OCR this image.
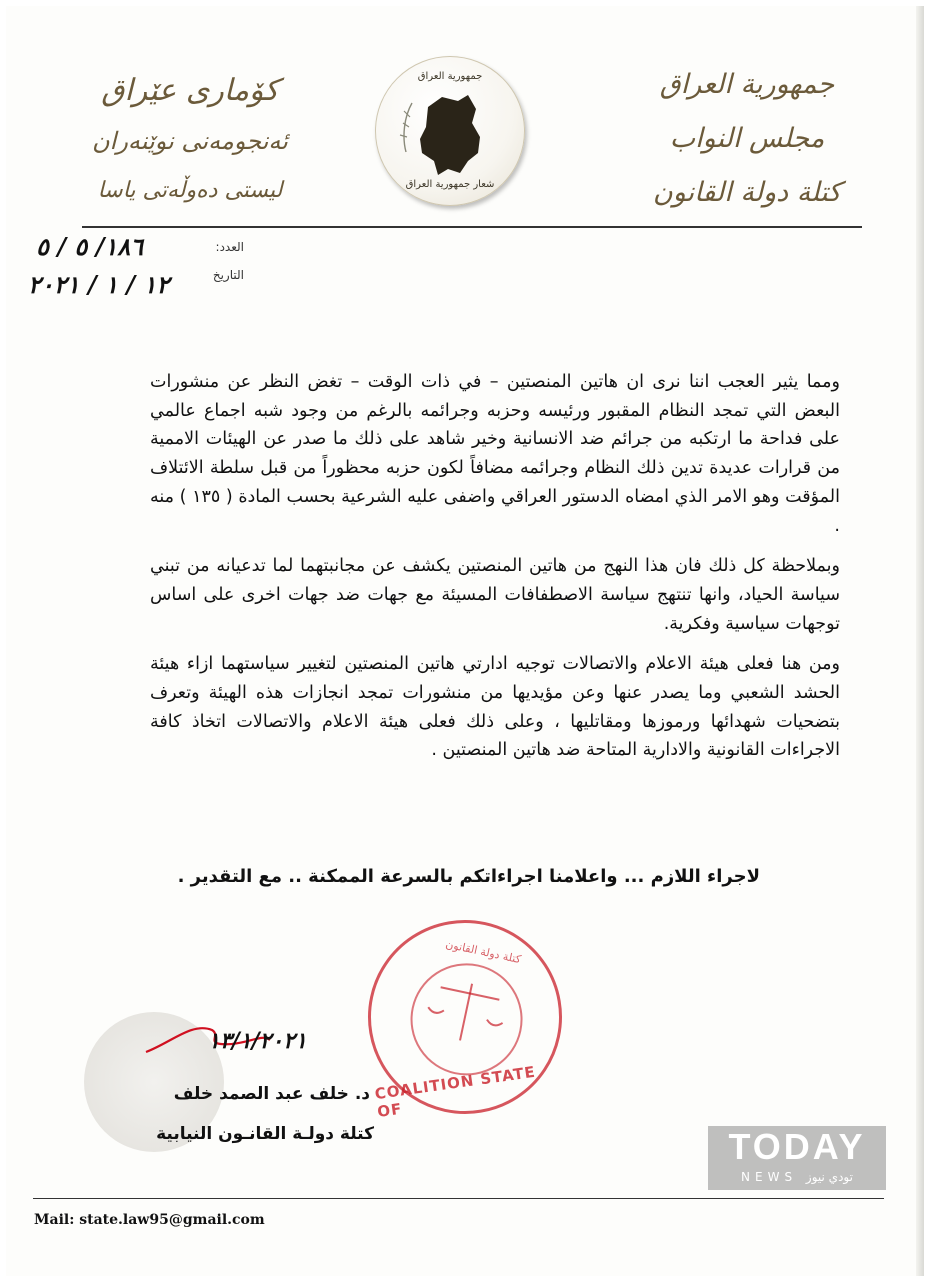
جمهورية العراق
مجلس النواب
كتلة دولة القانون
كۆماری عێراق
ئه‌نجومه‌نی نوێنه‌ران
لیستی دەوڵەتی یاسا
جمهورية العراق
شعار جمهورية العراق
العدد:
١٨٦/ ٥ / ٥
التاريخ
١٢ / ١ / ٢٠٢١

ومما يثير العجب اننا نرى ان هاتين المنصتين – في ذات الوقت – تغض النظر عن منشورات البعض التي تمجد النظام المقبور ورئيسه وحزبه وجرائمه بالرغم من وجود شبه اجماع عالمي على فداحة ما ارتكبه من جرائم ضد الانسانية وخير شاهد على ذلك ما صدر عن الهيئات الاممية من قرارات عديدة تدين ذلك النظام وجرائمه مضافاً لكون حزبه محظوراً من قبل سلطة الائتلاف المؤقت وهو الامر الذي امضاه الدستور العراقي واضفى عليه الشرعية بحسب المادة ( ١٣٥ ) منه .

وبملاحظة كل ذلك فان هذا النهج من هاتين المنصتين يكشف عن مجانبتهما لما تدعيانه من تبني سياسة الحياد، وانها تنتهج سياسة الاصطفافات المسيئة مع جهات ضد جهات اخرى على اساس توجهات سياسية وفكرية.

ومن هنا فعلى هيئة الاعلام والاتصالات توجيه ادارتي هاتين المنصتين لتغيير سياستهما ازاء هيئة الحشد الشعبي وما يصدر عنها وعن مؤيديها من منشورات تمجد انجازات هذه الهيئة وتعرف بتضحيات شهدائها ورموزها ومقاتليها ، وعلى ذلك فعلى هيئة الاعلام والاتصالات اتخاذ كافة الاجراءات القانونية والادارية المتاحة ضد هاتين المنصتين .

لاجراء اللازم ... واعلامنا اجراءاتكم بالسرعة الممكنة .. مع التقدير .
كتلة دولة القانون
COALITION STATE OF
١٣/١/٢٠٢١
د. خلف عبد الصمد خلف
كتلة دولـة القانـون النيابية	TODAY
NEWS تودي نيوز
Mail: state.law95@gmail.com
